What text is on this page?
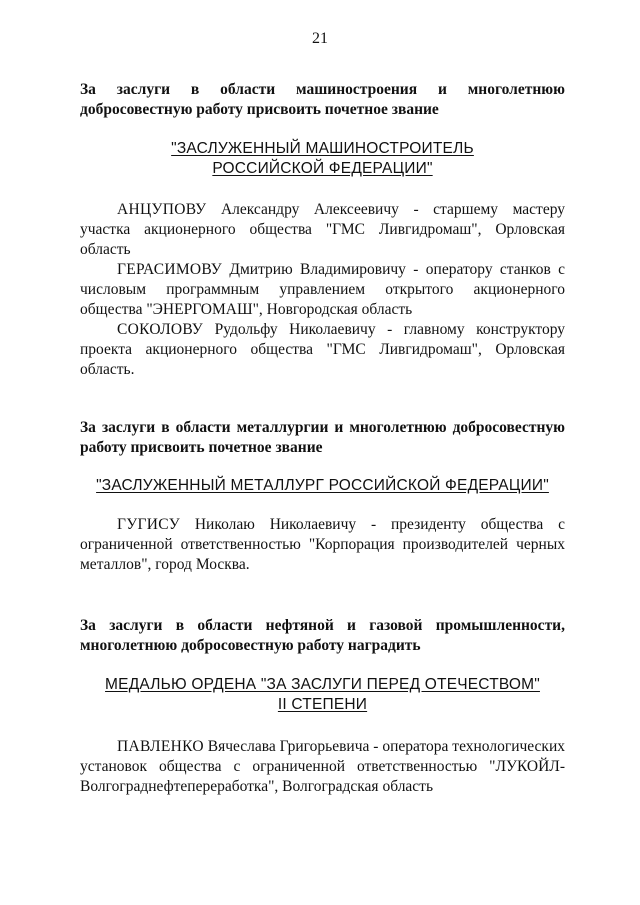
21
За заслуги в области машиностроения и многолетнюю добросовестную работу присвоить почетное звание
"ЗАСЛУЖЕННЫЙ МАШИНОСТРОИТЕЛЬ
РОССИЙСКОЙ ФЕДЕРАЦИИ"

АНЦУПОВУ Александру Алексеевичу - старшему мастеру участка акционерного общества "ГМС Ливгидромаш", Орловская область

ГЕРАСИМОВУ Дмитрию Владимировичу - оператору станков с числовым программным управлением открытого акционерного общества "ЭНЕРГОМАШ", Новгородская область

СОКОЛОВУ Рудольфу Николаевичу - главному конструктору проекта акционерного общества "ГМС Ливгидромаш", Орловская область.

За заслуги в области металлургии и многолетнюю добросовестную работу присвоить почетное звание
"ЗАСЛУЖЕННЫЙ МЕТАЛЛУРГ РОССИЙСКОЙ ФЕДЕРАЦИИ"

ГУГИСУ Николаю Николаевичу - президенту общества с ограниченной ответственностью "Корпорация производителей черных металлов", город Москва.

За заслуги в области нефтяной и газовой промышленности, многолетнюю добросовестную работу наградить
МЕДАЛЬЮ ОРДЕНА "ЗА ЗАСЛУГИ ПЕРЕД ОТЕЧЕСТВОМ"
II СТЕПЕНИ

ПАВЛЕНКО Вячеслава Григорьевича - оператора технологических установок общества с ограниченной ответственностью "ЛУКОЙЛ-Волгограднефтепереработка", Волгоградская область
